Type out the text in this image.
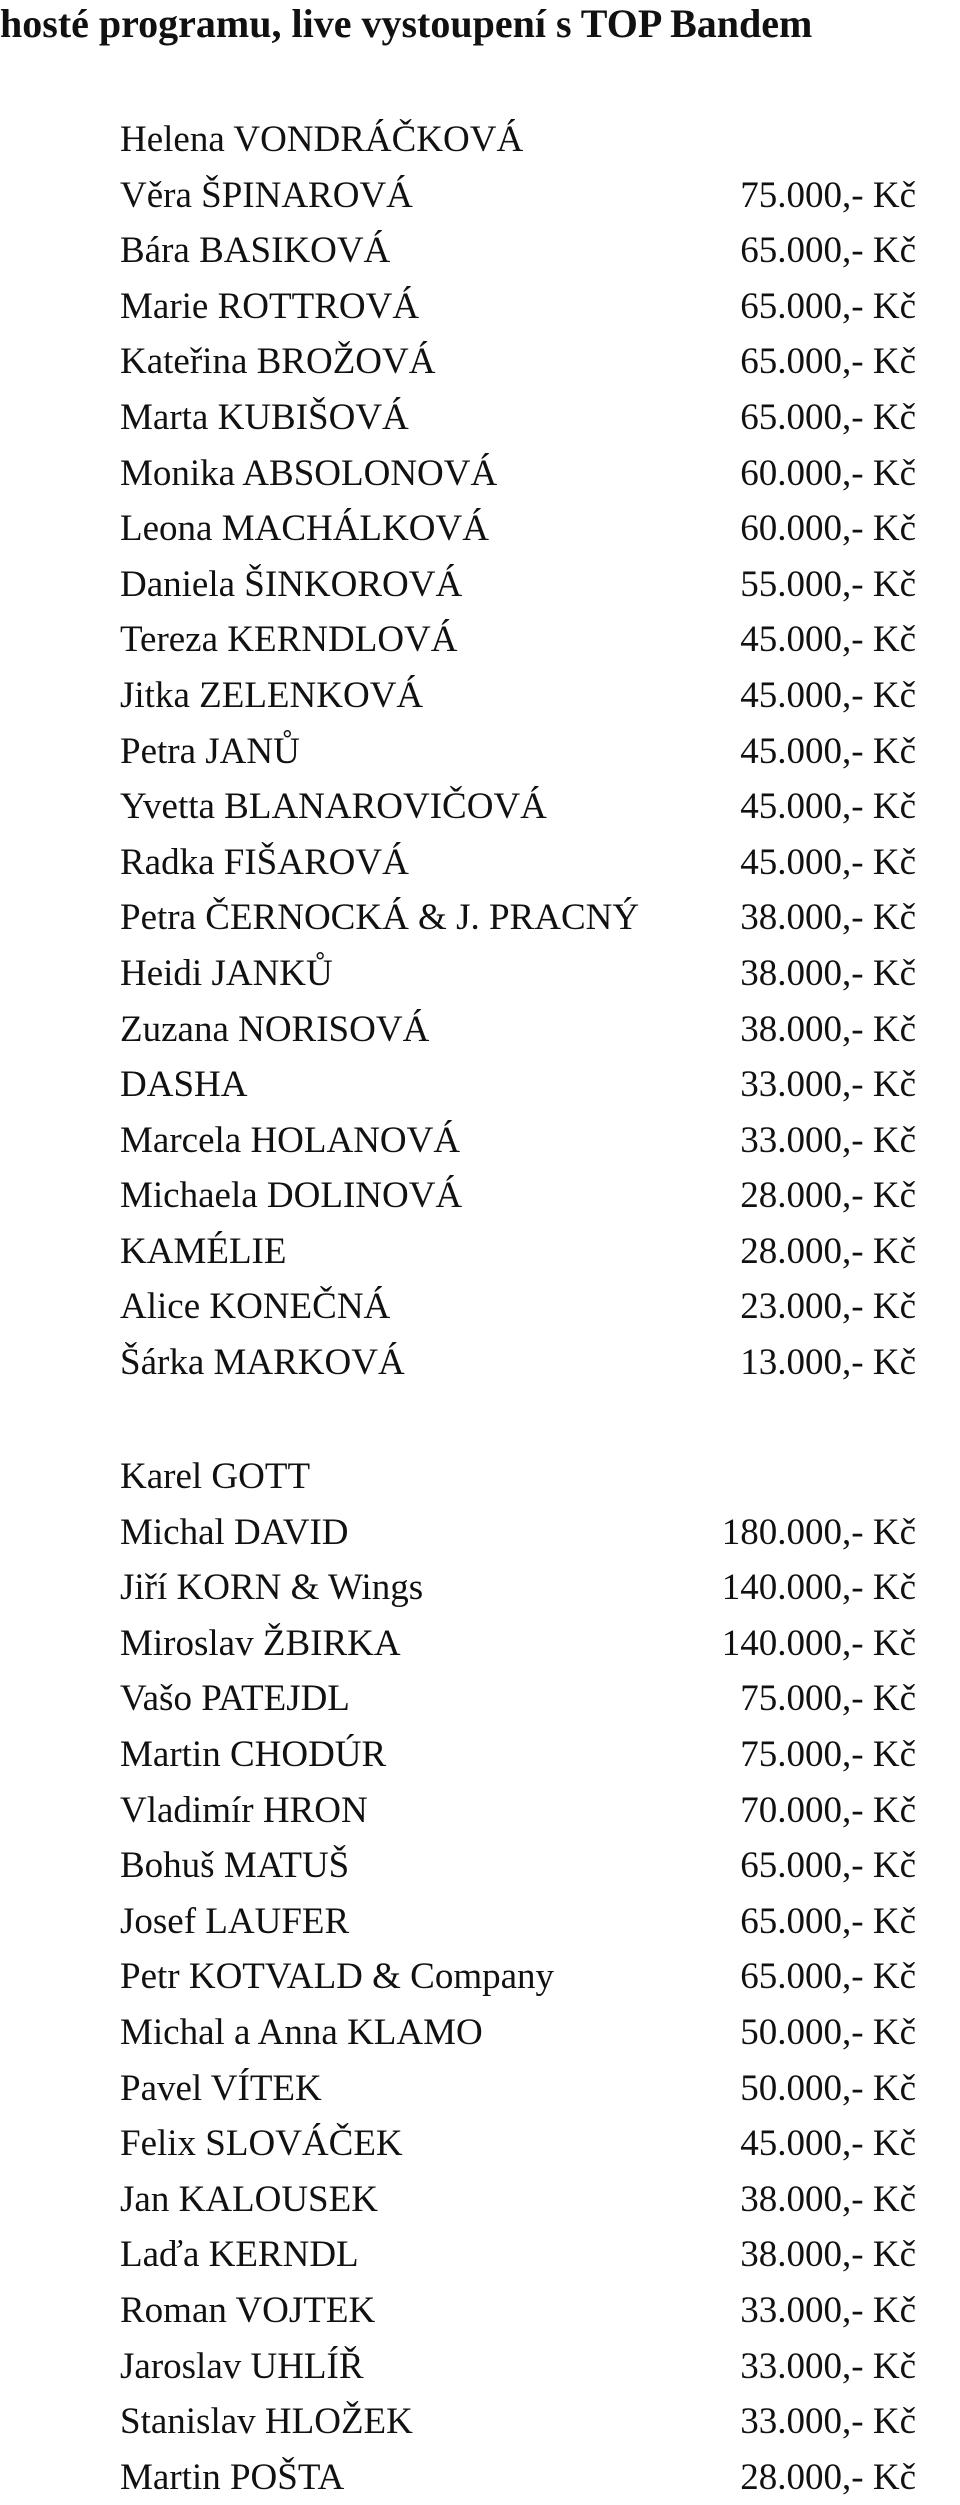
hosté programu, live vystoupení s TOP Bandem
Helena VONDRÁČKOVÁ
Věra ŠPINAROVÁ	75.000,- Kč
Bára BASIKOVÁ	65.000,- Kč
Marie ROTTROVÁ	65.000,- Kč
Kateřina BROŽOVÁ	65.000,- Kč
Marta KUBIŠOVÁ	65.000,- Kč
Monika ABSOLONOVÁ	60.000,- Kč
Leona MACHÁLKOVÁ	60.000,- Kč
Daniela ŠINKOROVÁ	55.000,- Kč
Tereza KERNDLOVÁ	45.000,- Kč
Jitka ZELENKOVÁ	45.000,- Kč
Petra JANŮ	45.000,- Kč
Yvetta BLANAROVIČOVÁ	45.000,- Kč
Radka FIŠAROVÁ	45.000,- Kč
Petra ČERNOCKÁ & J. PRACNÝ	38.000,- Kč
Heidi JANKŮ	38.000,- Kč
Zuzana NORISOVÁ	38.000,- Kč
DASHA	33.000,- Kč
Marcela HOLANOVÁ	33.000,- Kč
Michaela DOLINOVÁ	28.000,- Kč
KAMÉLIE	28.000,- Kč
Alice KONEČNÁ	23.000,- Kč
Šárka MARKOVÁ	13.000,- Kč
Karel GOTT
Michal DAVID	180.000,- Kč
Jiří KORN & Wings	140.000,- Kč
Miroslav ŽBIRKA	140.000,- Kč
Vašo PATEJDL	75.000,- Kč
Martin CHODÚR	75.000,- Kč
Vladimír HRON	70.000,- Kč
Bohuš MATUŠ	65.000,- Kč
Josef LAUFER	65.000,- Kč
Petr KOTVALD & Company	65.000,- Kč
Michal a Anna KLAMO	50.000,- Kč
Pavel VÍTEK	50.000,- Kč
Felix SLOVÁČEK	45.000,- Kč
Jan KALOUSEK	38.000,- Kč
Laďa KERNDL	38.000,- Kč
Roman VOJTEK	33.000,- Kč
Jaroslav UHLÍŘ	33.000,- Kč
Stanislav HLOŽEK	33.000,- Kč
Martin POŠTA	28.000,- Kč
